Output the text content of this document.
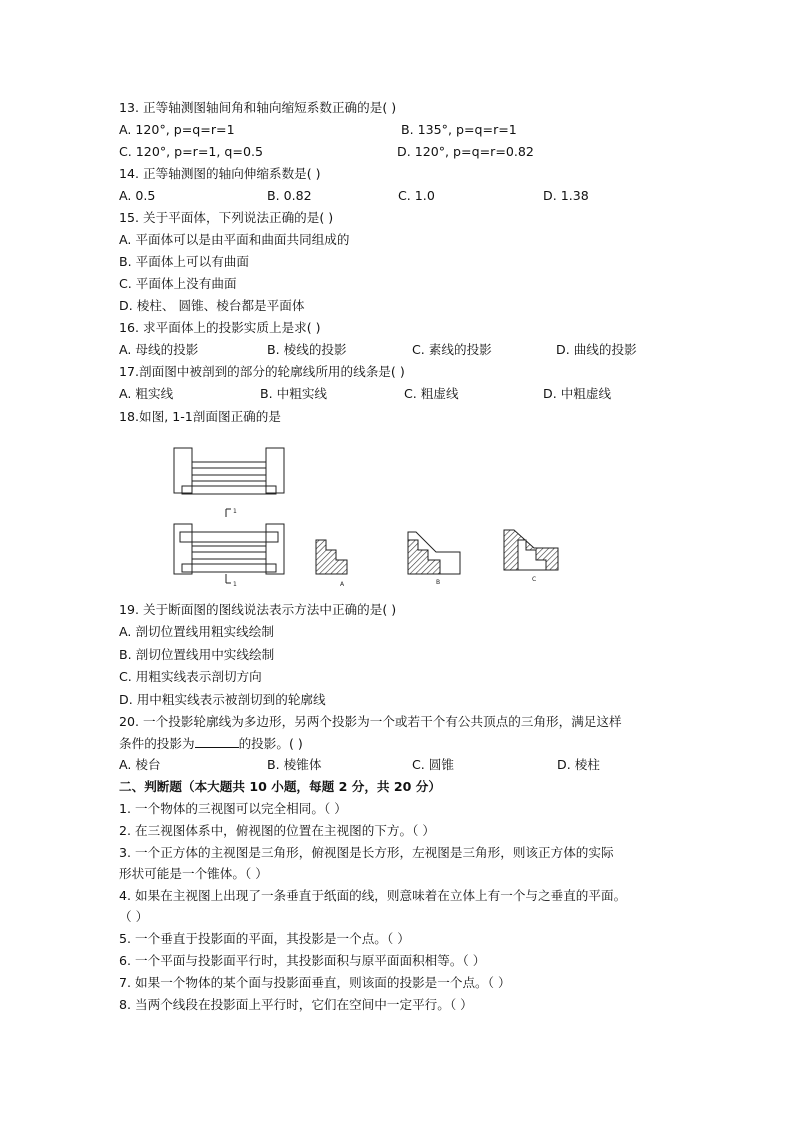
13. 正等轴测图轴间角和轴向缩短系数正确的是( )
A. 120°, p=q=r=1	B. 135°, p=q=r=1
C. 120°, p=r=1, q=0.5	D. 120°, p=q=r=0.82
14. 正等轴测图的轴向伸缩系数是( )
A. 0.5	B. 0.82	C. 1.0	D. 1.38
15. 关于平面体，下列说法正确的是( )
A. 平面体可以是由平面和曲面共同组成的
B. 平面体上可以有曲面
C. 平面体上没有曲面
D. 棱柱、 圆锥、棱台都是平面体
16. 求平面体上的投影实质上是求( )
A. 母线的投影	B. 棱线的投影	C. 素线的投影	D. 曲线的投影
17.剖面图中被剖到的部分的轮廓线所用的线条是( )
A. 粗实线	B. 中粗实线	C. 粗虚线	D. 中粗虚线
18.如图, 1-1剖面图正确的是
1
1	A	B	C
19. 关于断面图的图线说法表示方法中正确的是( )
A. 剖切位置线用粗实线绘制
B. 剖切位置线用中实线绘制
C. 用粗实线表示剖切方向
D. 用中粗实线表示被剖切到的轮廓线
20. 一个投影轮廓线为多边形，另两个投影为一个或若干个有公共顶点的三角形，满足这样
条件的投影为	的投影。( )
A. 棱台	B. 棱锥体	C. 圆锥	D. 棱柱
二、判断题（本大题共 10 小题，每题 2 分，共 20 分）
1. 一个物体的三视图可以完全相同。（ ）
2. 在三视图体系中，俯视图的位置在主视图的下方。（ ）
3. 一个正方体的主视图是三角形，俯视图是长方形，左视图是三角形，则该正方体的实际
形状可能是一个锥体。（ ）
4. 如果在主视图上出现了一条垂直于纸面的线，则意味着在立体上有一个与之垂直的平面。
（ ）
5. 一个垂直于投影面的平面，其投影是一个点。（ ）
6. 一个平面与投影面平行时，其投影面积与原平面面积相等。（ ）
7. 如果一个物体的某个面与投影面垂直，则该面的投影是一个点。（ ）
8. 当两个线段在投影面上平行时，它们在空间中一定平行。（ ）
